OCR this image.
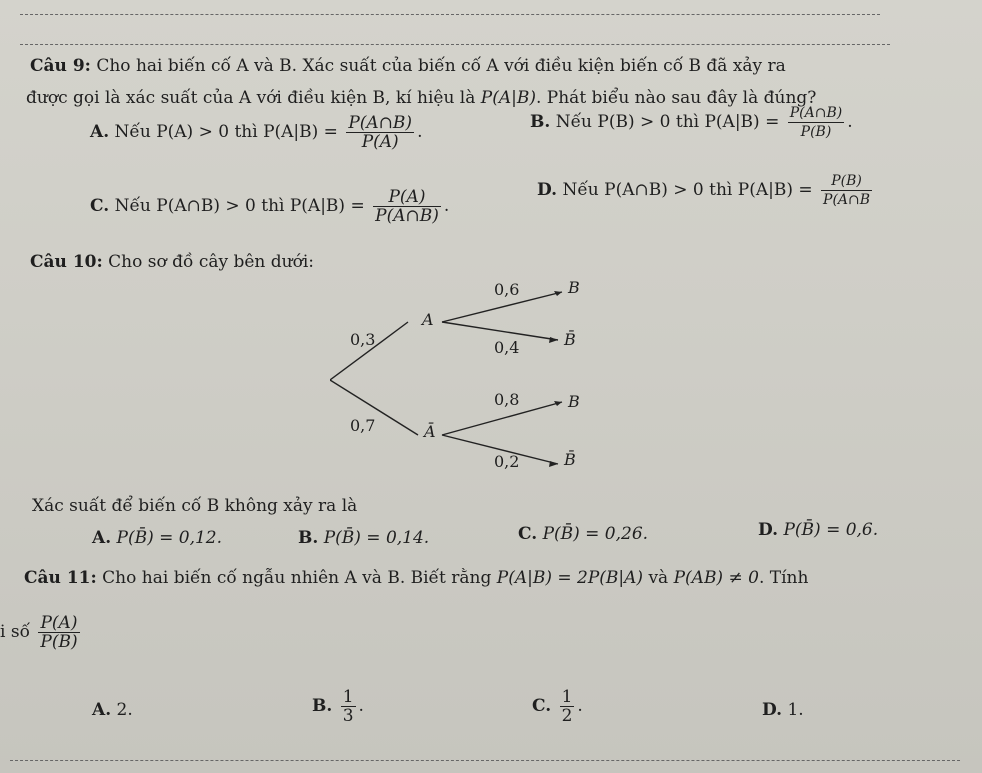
Câu 9: Cho hai biến cố A và B. Xác suất của biến cố A với điều kiện biến cố B đã xảy ra
được gọi là xác suất của A với điều kiện B, kí hiệu là P(A|B). Phát biểu nào sau đây là đúng?
A. Nếu P(A) > 0 thì $P(A|B) = \frac{P(A\cap B)}{P(A)}$ .	B. Nếu P(B) > 0 thì $P(A|B) = \frac{P(A\cap B)}{P(B)}$ .
C. Nếu P(A∩B) > 0 thì $P(A|B) = \frac{P(A)}{P(A\cap B)}$ .
D. Nếu P(A∩B) > 0 thì $P(A|B) = \frac{P(B)}{P(A\cap B}$
Câu 10: Cho sơ đồ cây bên dưới:
0,3
0,7
A
Ā
0,6
0,4
0,8
0,2
B
B̄
B
B̄
Xác suất để biến cố B không xảy ra là
A. P(B̄) = 0,12.	B. P(B̄) = 0,14.	C. P(B̄) = 0,26.	D. P(B̄) = 0,6.
Câu 11: Cho hai biến cố ngẫu nhiên A và B. Biết rằng P(A|B) = 2P(B|A) và P(AB) ≠ 0. Tính
i số $\frac{P(A)}{P(B)}$
A. 2.	B. $\frac{1}{3}$ .	C. $\frac{1}{2}$ .	D. 1.
